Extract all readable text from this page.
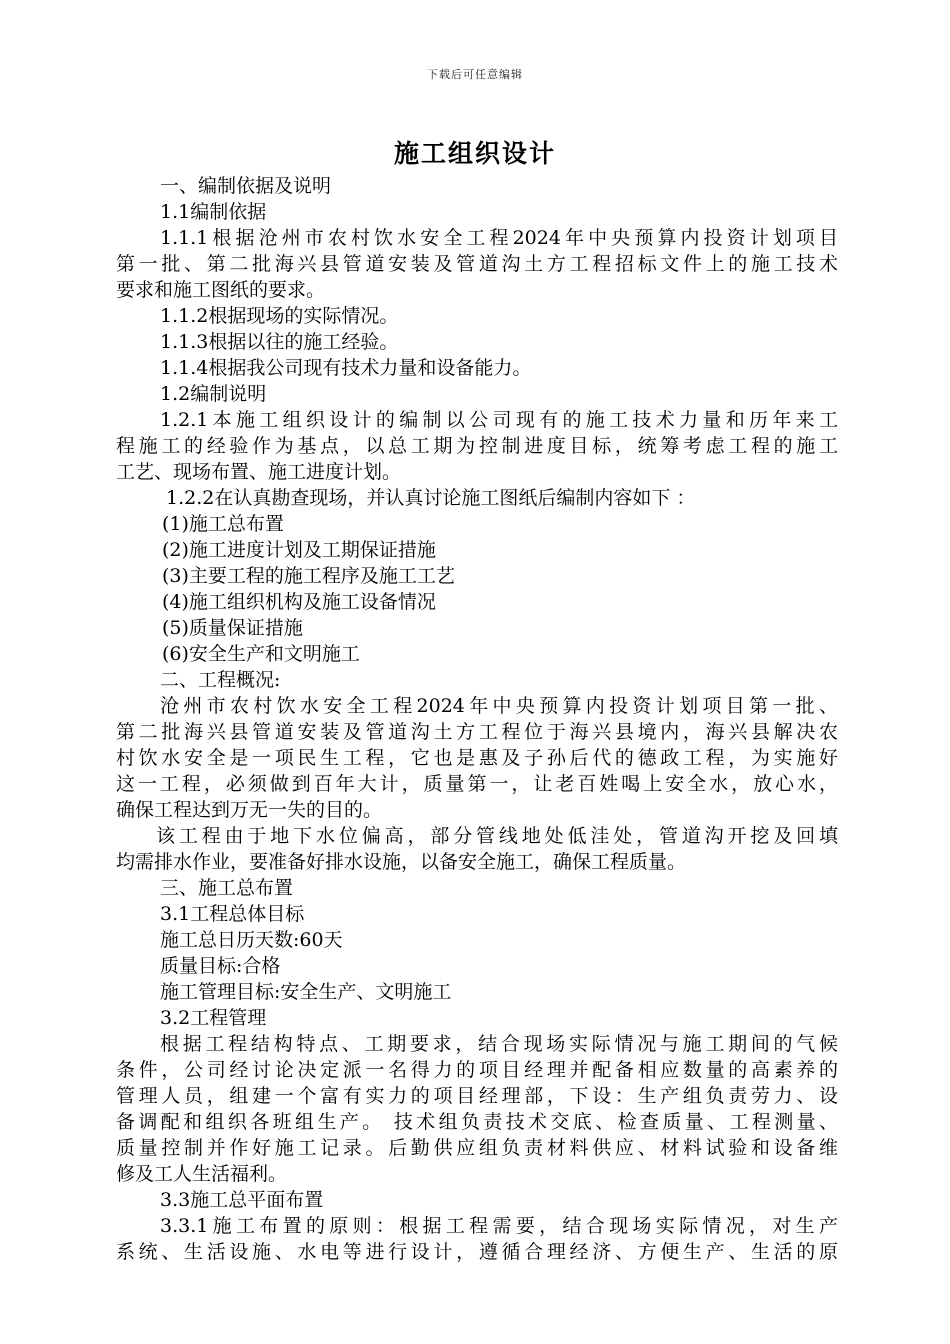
下载后可任意编辑
施工组织设计
一、编制依据及说明
1.1编制依据
1.1.1根据沧州市农村饮水安全工程2024年中央预算内投资计划项目
第一批、第二批海兴县管道安装及管道沟土方工程招标文件上的施工技术
要求和施工图纸的要求。
1.1.2根据现场的实际情况。
1.1.3根据以往的施工经验。
1.1.4根据我公司现有技术力量和设备能力。
1.2编制说明
1.2.1本施工组织设计的编制以公司现有的施工技术力量和历年来工
程施工的经验作为基点，以总工期为控制进度目标，统筹考虑工程的施工
工艺、现场布置、施工进度计划。
1.2.2在认真勘查现场，并认真讨论施工图纸后编制内容如下 ：
(1)施工总布置
(2)施工进度计划及工期保证措施
(3)主要工程的施工程序及施工工艺
(4)施工组织机构及施工设备情况
(5)质量保证措施
(6)安全生产和文明施工
二、工程概况:
沧州市农村饮水安全工程2024年中央预算内投资计划项目第一批、
第二批海兴县管道安装及管道沟土方工程位于海兴县境内，海兴县解决农
村饮水安全是一项民生工程，它也是惠及子孙后代的德政工程，为实施好
这一工程，必须做到百年大计，质量第一，让老百姓喝上安全水，放心水，
确保工程达到万无一失的目的。
该工程由于地下水位偏高，部分管线地处低洼处，管道沟开挖及回填
均需排水作业，要准备好排水设施，以备安全施工，确保工程质量。
三、施工总布置
3.1工程总体目标
施工总日历天数:60天
质量目标:合格
施工管理目标:安全生产、文明施工
3.2工程管理
根据工程结构特点、工期要求，结合现场实际情况与施工期间的气候
条件，公司经讨论决定派一名得力的项目经理并配备相应数量的高素养的
管理人员，组建一个富有实力的项目经理部，下设：生产组负责劳力、设
备调配和组织各班组生产。 技术组负责技术交底、检查质量、工程测量、
质量控制并作好施工记录。后勤供应组负责材料供应、材料试验和设备维
修及工人生活福利。
3.3施工总平面布置
3.3.1施工布置的原则：根据工程需要，结合现场实际情况，对生产
系统、生活设施、水电等进行设计，遵循合理经济、方便生产、生活的原
